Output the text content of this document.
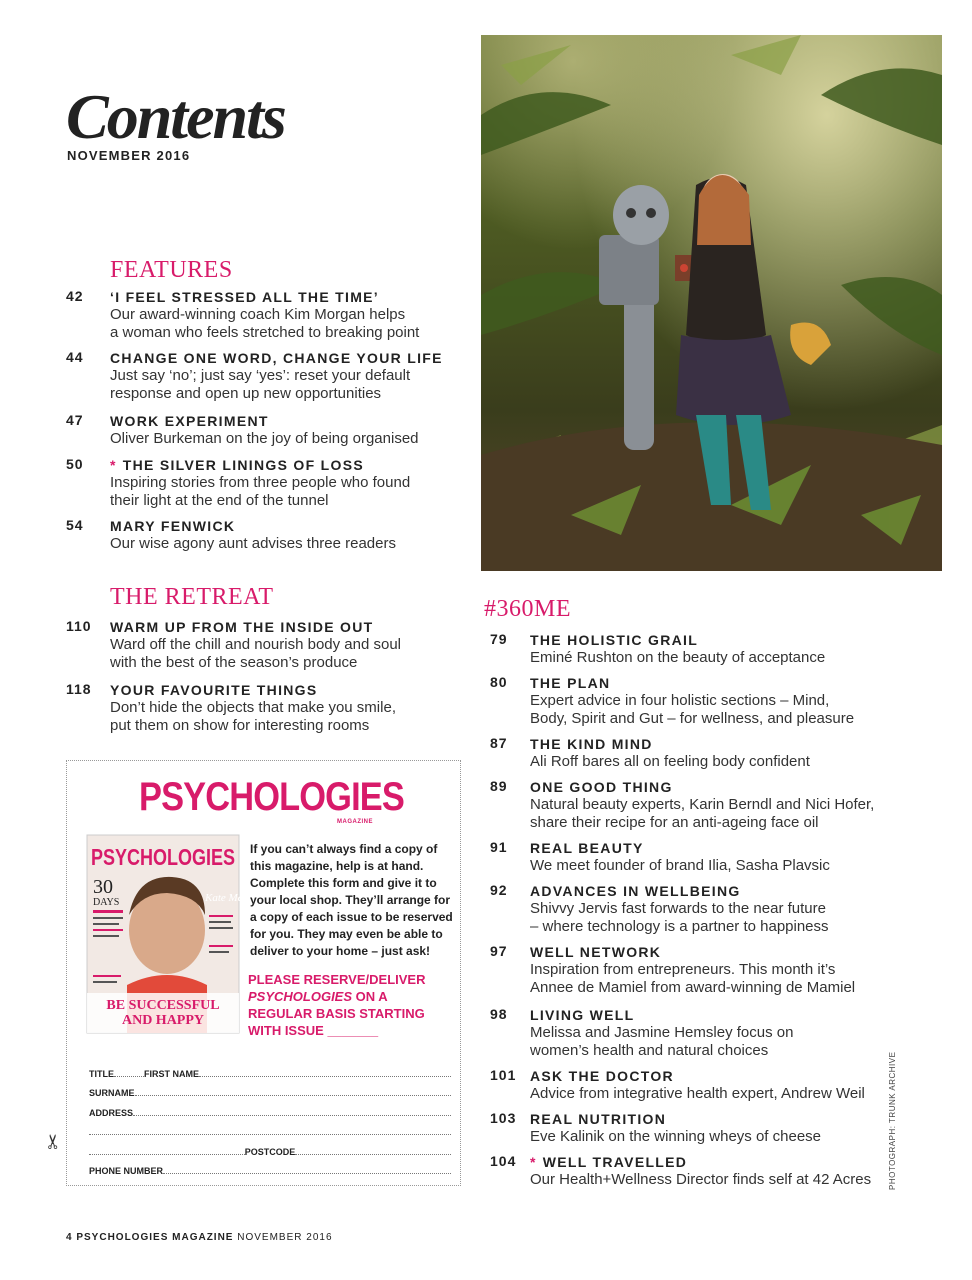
Contents
NOVEMBER 2016
FEATURES
42	‘I FEEL STRESSED ALL THE TIME’
Our award-winning coach Kim Morgan helps
a woman who feels stretched to breaking point
44	CHANGE ONE WORD, CHANGE YOUR LIFE
Just say ‘no’; just say ‘yes’: reset your default
response and open up new opportunities
47	WORK EXPERIMENT
Oliver Burkeman on the joy of being organised
50	* THE SILVER LININGS OF LOSS
Inspiring stories from three people who found
their light at the end of the tunnel
54	MARY FENWICK
Our wise agony aunt advises three readers
THE RETREAT
110	WARM UP FROM THE INSIDE OUT
Ward off the chill and nourish body and soul
with the best of the season’s produce
118	YOUR FAVOURITE THINGS
Don’t hide the objects that make you smile,
put them on show for interesting rooms
#360ME
79	THE HOLISTIC GRAIL
Eminé Rushton on the beauty of acceptance
80	THE PLAN
Expert advice in four holistic sections – Mind,
Body, Spirit and Gut – for wellness, and pleasure
87	THE KIND MIND
Ali Roff bares all on feeling body confident
89	ONE GOOD THING
Natural beauty experts, Karin Berndl and Nici Hofer,
share their recipe for an anti-ageing face oil
91	REAL BEAUTY
We meet founder of brand Ilia, Sasha Plavsic
92	ADVANCES IN WELLBEING
Shivvy Jervis fast forwards to the near future
– where technology is a partner to happiness
97	WELL NETWORK
Inspiration from entrepreneurs. This month it’s
Annee de Mamiel from award-winning de Mamiel
98	LIVING WELL
Melissa and Jasmine Hemsley focus on
women’s health and natural choices
101 ASK THE DOCTOR
Advice from integrative health expert, Andrew Weil
103 REAL NUTRITION
Eve Kalinik on the winning wheys of cheese
104 * WELL TRAVELLED
Our Health+Wellness Director finds self at 42 Acres PHOTOGRAPH: TRUNK ARCHIVE
PSYCHOLOGIES
MAGAZINE
PSYCHOLOGIES
30
DAYS	Kate Mara
BE SUCCESSFUL
AND HAPPY
If you can’t always find a copy of this magazine, help is at hand. Complete this form and give it to your local shop. They’ll arrange for a copy of each issue to be reserved for you. They may even be able to deliver to your home – just ask!
PLEASE RESERVE/DELIVER PSYCHOLOGIES ON A REGULAR BASIS STARTING WITH ISSUE _______
TITLE	FIRST NAME
SURNAME
ADDRESS
POSTCODE
PHONE NUMBER
✂
4 PSYCHOLOGIES MAGAZINE NOVEMBER 2016
